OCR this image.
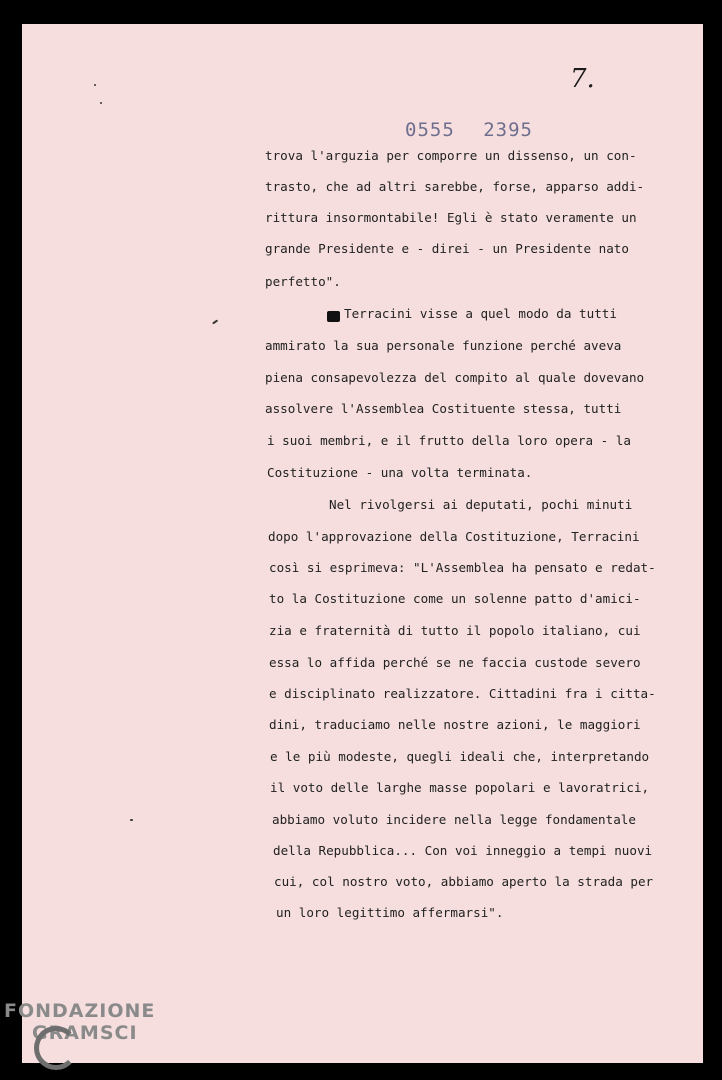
7.
0555 2395
trova l'arguzia per comporre un dissenso, un con-
trasto, che ad altri sarebbe, forse, apparso addi-
rittura insormontabile! Egli è stato veramente un
grande Presidente e - direi - un Presidente nato
perfetto".
Terracini visse a quel modo da tutti
ammirato la sua personale funzione perché aveva
piena consapevolezza del compito al quale dovevano
assolvere l'Assemblea Costituente stessa, tutti
i suoi membri, e il frutto della loro opera - la
Costituzione - una volta terminata.
Nel rivolgersi ai deputati, pochi minuti
dopo l'approvazione della Costituzione, Terracini
così si esprimeva: "L'Assemblea ha pensato e redat-
to la Costituzione come un solenne patto d'amici-
zia e fraternità di tutto il popolo italiano, cui
essa lo affida perché se ne faccia custode severo
e disciplinato realizzatore. Cittadini fra i citta-
dini, traduciamo nelle nostre azioni, le maggiori
e le più modeste, quegli ideali che, interpretando
il voto delle larghe masse popolari e lavoratrici,
abbiamo voluto incidere nella legge fondamentale
della Repubblica... Con voi inneggio a tempi nuovi
cui, col nostro voto, abbiamo aperto la strada per
un loro legittimo affermarsi".
FONDAZIONE
GRAMSCI
